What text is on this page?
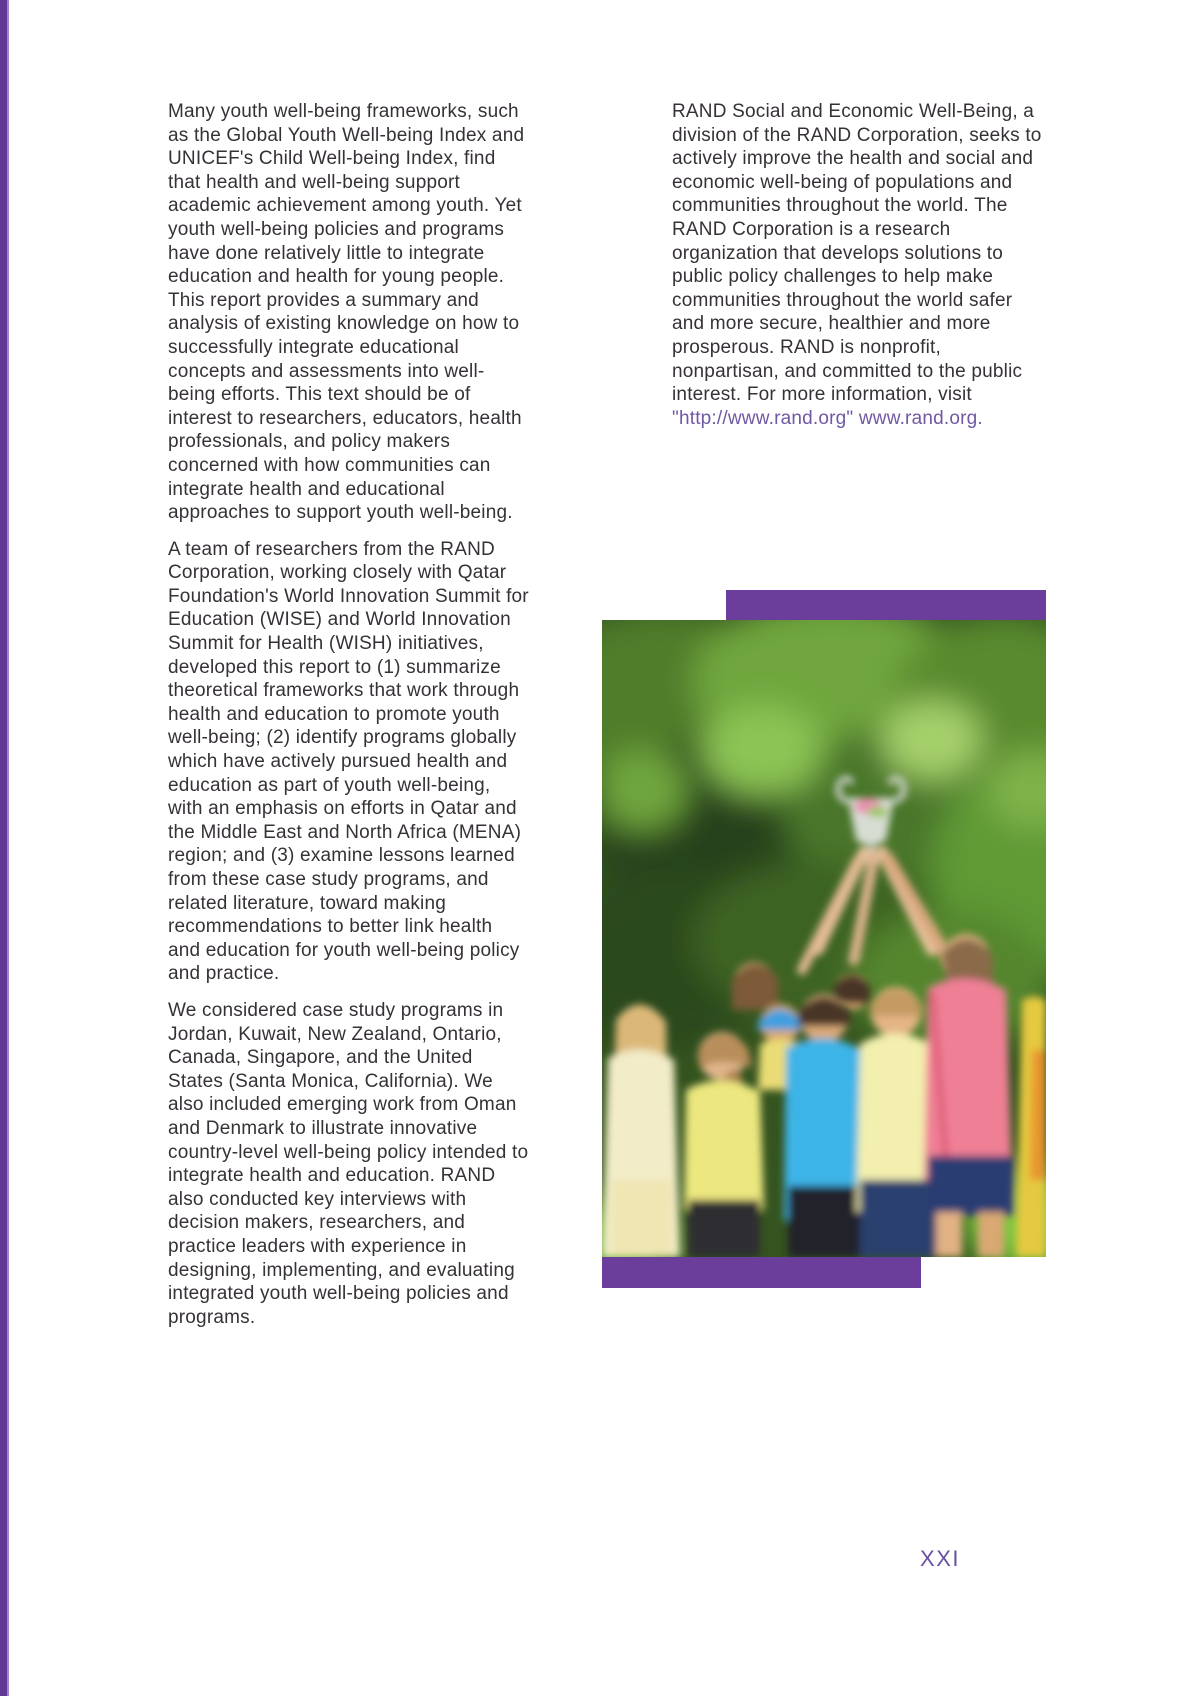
Many youth well-being frameworks, such as the Global Youth Well-being Index and UNICEF's Child Well-being Index, find that health and well-being support academic achievement among youth. Yet youth well-being policies and programs have done relatively little to integrate education and health for young people. This report provides a summary and analysis of existing knowledge on how to successfully integrate educational concepts and assessments into well-being efforts. This text should be of interest to researchers, educators, health professionals, and policy makers concerned with how communities can integrate health and educational approaches to support youth well-being.

A team of researchers from the RAND Corporation, working closely with Qatar Foundation's World Innovation Summit for Education (WISE) and World Innovation Summit for Health (WISH) initiatives, developed this report to (1) summarize theoretical frameworks that work through health and education to promote youth well-being; (2) identify programs globally which have actively pursued health and education as part of youth well-being, with an emphasis on efforts in Qatar and the Middle East and North Africa (MENA) region; and (3) examine lessons learned from these case study programs, and related literature, toward making recommendations to better link health and education for youth well-being policy and practice.

We considered case study programs in Jordan, Kuwait, New Zealand, Ontario, Canada, Singapore, and the United States (Santa Monica, California). We also included emerging work from Oman and Denmark to illustrate innovative country-level well-being policy intended to integrate health and education. RAND also conducted key interviews with decision makers, researchers, and practice leaders with experience in designing, implementing, and evaluating integrated youth well-being policies and programs.

RAND Social and Economic Well-Being, a division of the RAND Corporation, seeks to actively improve the health and social and economic well-being of populations and communities throughout the world. The RAND Corporation is a research organization that develops solutions to public policy challenges to help make communities throughout the world safer and more secure, healthier and more prosperous. RAND is nonprofit, nonpartisan, and committed to the public interest. For more information, visit "http://www.rand.org" www.rand.org.

XXI
